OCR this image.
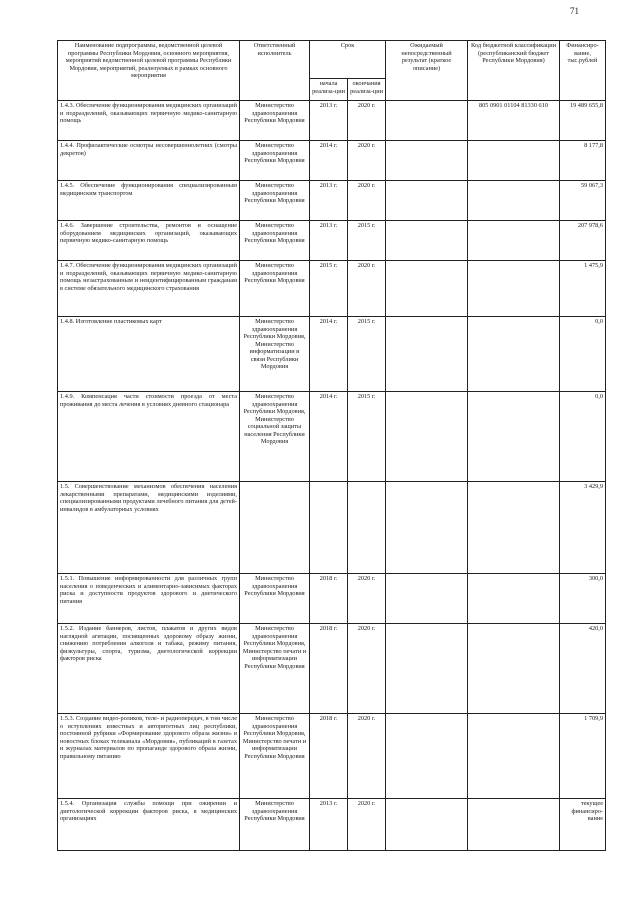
71
Наименование подпрограммы, ведомственной целевой программы Республики Мордовия, основного мероприятия, мероприятий ведомственной целевой программы Республики Мордовия, мероприятий, реализуемых в рамках основного мероприятия	Ответственный исполнитель	Срок		Ожидаемый непосредственный результат (краткое описание)	Код бюджетной классификации (республиканский бюджет Республики Мордовия)	Финансиро-вание, тыс.рублей
		начала реализа-ции	окончания реализа-ции			
1.4.3. Обеспечение функционирования медицинских организаций и подразделений, оказывающих первичную медико-санитарную помощь	Министерство здравоохранения Республики Мордовия	2013 г.	2020 г.		805 0901 01104 81330 610	19 489 655,8
1.4.4. Профилактические осмотры несовершеннолетних (смотры декретов)	Министерство здравоохранения Республики Мордовия	2014 г.	2020 г.			8 177,8
1.4.5. Обеспечение функционирования специализированным медицинским транспортом	Министерство здравоохранения Республики Мордовия	2013 г.	2020 г.			59 067,3
1.4.6. Завершение строительства, ремонтов и оснащение оборудованием медицинских организаций, оказывающих первичную медико-санитарную помощь	Министерство здравоохранения Республики Мордовия	2013 г.	2015 г.			207 978,6
1.4.7. Обеспечение функционирования медицинских организаций и подразделений, оказывающих первичную медико-санитарную помощь незастрахованным и неидентифицированным гражданам в системе обязательного медицинского страхования	Министерство здравоохранения Республики Мордовия	2015 г.	2020 г.			1 475,9
1.4.8. Изготовление пластиковых карт	Министерство здравоохранения Республики Мордовия, Министерство информатизации и связи Республики Мордовия	2014 г.	2015 г.			0,0
1.4.9. Компенсация части стоимости проезда от места проживания до места лечения в условиях дневного стационара	Министерство здравоохранения Республики Мордовия, Министерство социальной защиты населения Республики Мордовия	2014 г.	2015 г.			0,0
1.5. Совершенствование механизмов обеспечения населения лекарственными препаратами, медицинскими изделиями, специализированными продуктами лечебного питания для детей-инвалидов в амбулаторных условиях						3 429,9
1.5.1. Повышение информированности для различных групп населения о поведенческих и алиментарно-зависимых факторах риска и доступности продуктов здорового и диетического питания	Министерство здравоохранения Республики Мордовия	2018 г.	2020 г.			300,0
1.5.2. Издание баннеров, листов, плакатов и других видов наглядной агитации, посвященных здоровому образу жизни, снижению потребления алкоголя и табака, режиму питания, физкультуры, спорта, туризма, диетологической коррекции факторов риска	Министерство здравоохранения Республики Мордовия, Министерство печати и информатизации Республики Мордовия	2018 г.	2020 г.			420,0
1.5.3. Создание видео-роликов, теле- и радиопередач, в том числе о вступлениях известных и авторитетных лиц республики, постоянной рубрики «Формирование здорового образа жизни» в новостных блоках телеканала «Мордовия», публикаций в газетах и журналах материалов по пропаганде здорового образа жизни, правильному питанию	Министерство здравоохранения Республики Мордовия, Министерство печати и информатизации Республики Мордовия	2018 г.	2020 г.			1 709,9
1.5.4. Организация службы помощи при ожирении и диетологической коррекции факторов риска, в медицинских организациях	Министерство здравоохранения Республики Мордовия	2013 г.	2020 г.			текущее финансиро-вание
